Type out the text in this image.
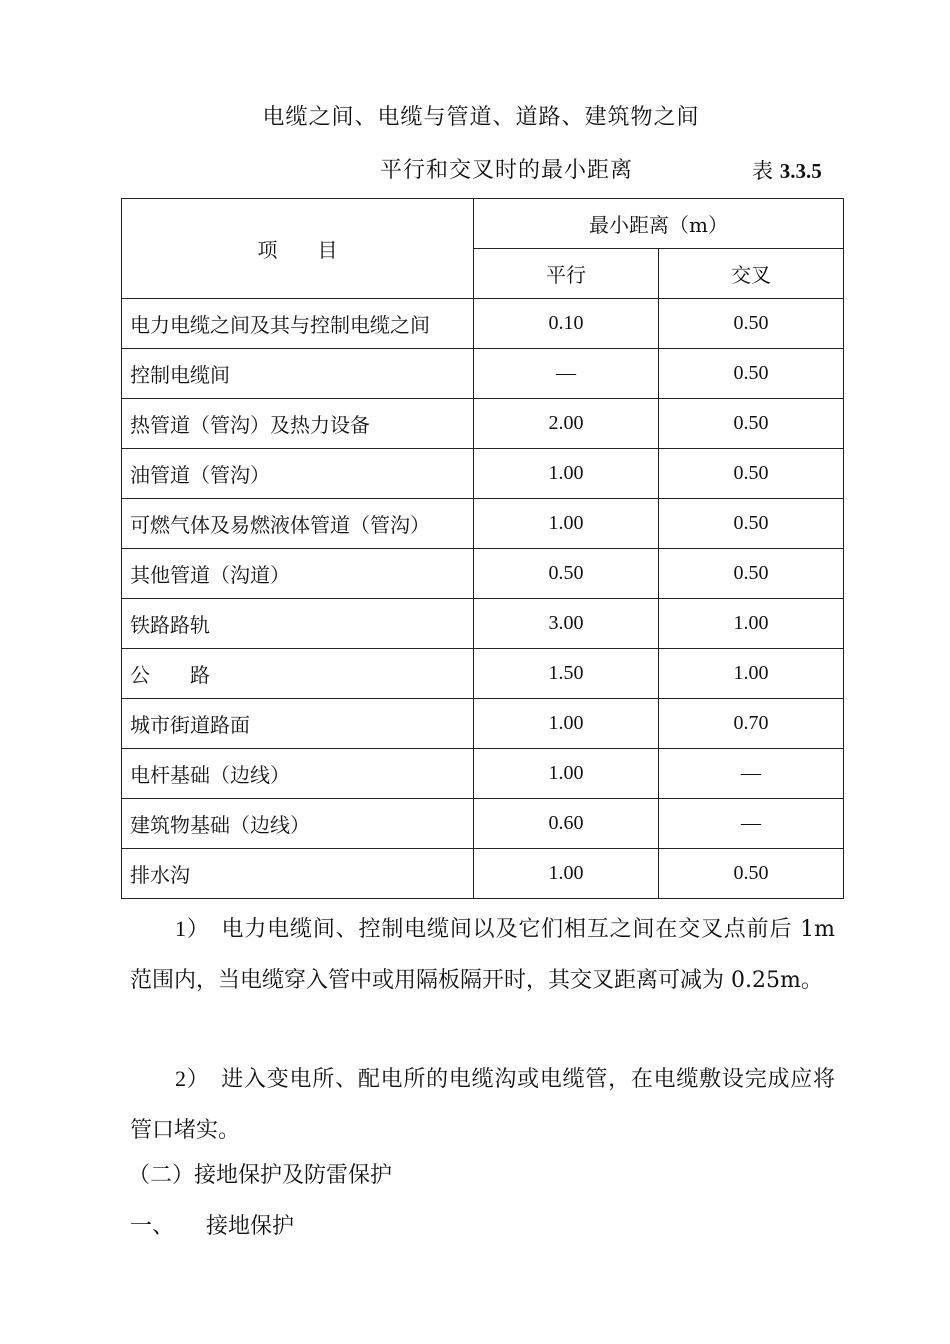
电缆之间、电缆与管道、道路、建筑物之间
平行和交叉时的最小距离	表 3.3.5
项　　目	最小距离（m）	
	平行	交叉
电力电缆之间及其与控制电缆之间	0.10	0.50
控制电缆间	—	0.50
热管道（管沟）及热力设备	2.00	0.50
油管道（管沟）	1.00	0.50
可燃气体及易燃液体管道（管沟）	1.00	0.50
其他管道（沟道）	0.50	0.50
铁路路轨	3.00	1.00
公　　路	1.50	1.00
城市街道路面	1.00	0.70
电杆基础（边线）	1.00	—
建筑物基础（边线）	0.60	—
排水沟	1.00	0.50
1）　 电力电缆间、控制电缆间以及它们相互之间在交叉点前后 1m 范围内，当电缆穿入管中或用隔板隔开时，其交叉距离可减为 0.25m。
2）　 进入变电所、配电所的电缆沟或电缆管，在电缆敷设完成应将管口堵实。
（二）接地保护及防雷保护
一、 接地保护
